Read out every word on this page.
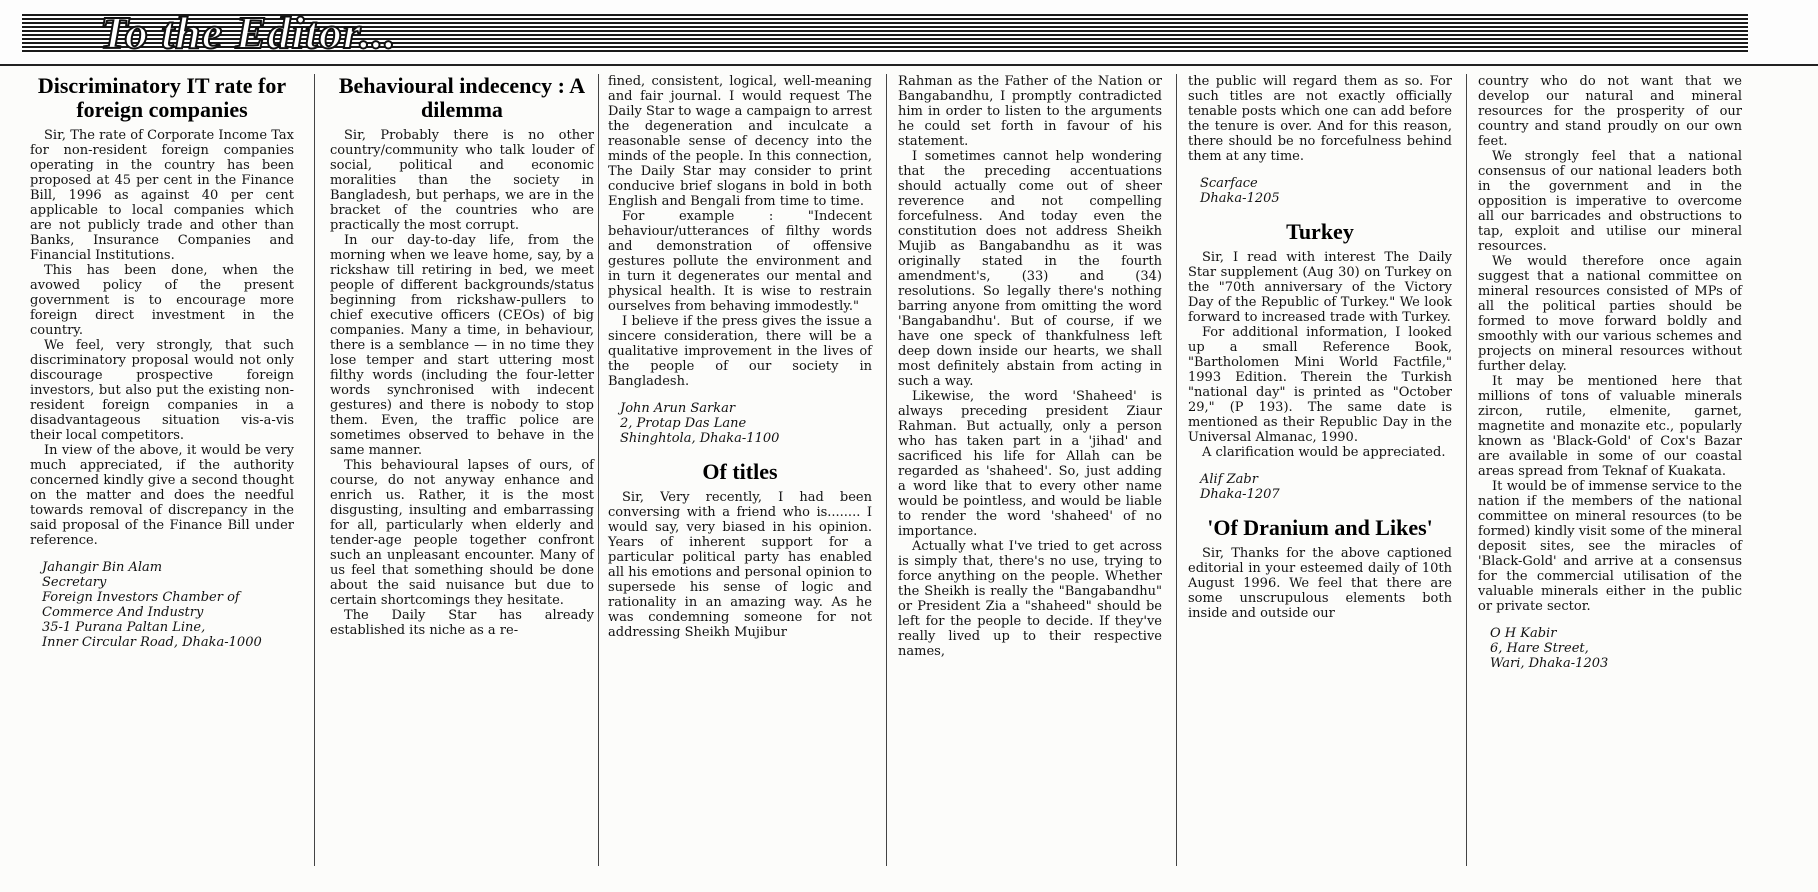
To the Editor...
Discriminatory IT rate for foreign companies

Sir, The rate of Corporate Income Tax for non-resident foreign companies operating in the country has been proposed at 45 per cent in the Finance Bill, 1996 as against 40 per cent applicable to local companies which are not publicly trade and other than Banks, Insurance Companies and Financial Institutions.

This has been done, when the avowed policy of the present government is to encourage more foreign direct investment in the country.

We feel, very strongly, that such discriminatory proposal would not only discourage prospective foreign investors, but also put the existing non-resident foreign companies in a disadvantageous situation vis-a-vis their local competitors.

In view of the above, it would be very much appreciated, if the authority concerned kindly give a second thought on the matter and does the needful towards removal of discrepancy in the said proposal of the Finance Bill under reference.

Jahangir Bin Alam
Secretary
Foreign Investors Chamber of Commerce And Industry
35-1 Purana Paltan Line,
Inner Circular Road, Dhaka-1000
Behavioural indecency : A dilemma

Sir, Probably there is no other country/community who talk louder of social, political and economic moralities than the society in Bangladesh, but perhaps, we are in the bracket of the countries who are practically the most corrupt.

In our day-to-day life, from the morning when we leave home, say, by a rickshaw till retiring in bed, we meet people of different backgrounds/status beginning from rickshaw-pullers to chief executive officers (CEOs) of big companies. Many a time, in behaviour, there is a semblance — in no time they lose temper and start uttering most filthy words (including the four-letter words synchronised with indecent gestures) and there is nobody to stop them. Even, the traffic police are sometimes observed to behave in the same manner.

This behavioural lapses of ours, of course, do not anyway enhance and enrich us. Rather, it is the most disgusting, insulting and embarrassing for all, particularly when elderly and tender-age people together confront such an unpleasant encounter. Many of us feel that something should be done about the said nuisance but due to certain shortcomings they hesitate.

The Daily Star has already established its niche as a re-

fined, consistent, logical, well-meaning and fair journal. I would request The Daily Star to wage a campaign to arrest the degeneration and inculcate a reasonable sense of decency into the minds of the people. In this connection, The Daily Star may consider to print conducive brief slogans in bold in both English and Bengali from time to time.

For example : "Indecent behaviour/utterances of filthy words and demonstration of offensive gestures pollute the environment and in turn it degenerates our mental and physical health. It is wise to restrain ourselves from behaving immodestly."

I believe if the press gives the issue a sincere consideration, there will be a qualitative improvement in the lives of the people of our society in Bangladesh.

John Arun Sarkar
2, Protap Das Lane
Shinghtola, Dhaka-1100
Of titles

Sir, Very recently, I had been conversing with a friend who is........ I would say, very biased in his opinion. Years of inherent support for a particular political party has enabled all his emotions and personal opinion to supersede his sense of logic and rationality in an amazing way. As he was condemning someone for not addressing Sheikh Mujibur

Rahman as the Father of the Nation or Bangabandhu, I promptly contradicted him in order to listen to the arguments he could set forth in favour of his statement.

I sometimes cannot help wondering that the preceding accentuations should actually come out of sheer reverence and not compelling forcefulness. And today even the constitution does not address Sheikh Mujib as Bangabandhu as it was originally stated in the fourth amendment's, (33) and (34) resolutions. So legally there's nothing barring anyone from omitting the word 'Bangabandhu'. But of course, if we have one speck of thankfulness left deep down inside our hearts, we shall most definitely abstain from acting in such a way.

Likewise, the word 'Shaheed' is always preceding president Ziaur Rahman. But actually, only a person who has taken part in a 'jihad' and sacrificed his life for Allah can be regarded as 'shaheed'. So, just adding a word like that to every other name would be pointless, and would be liable to render the word 'shaheed' of no importance.

Actually what I've tried to get across is simply that, there's no use, trying to force anything on the people. Whether the Sheikh is really the "Bangabandhu" or President Zia a "shaheed" should be left for the people to decide. If they've really lived up to their respective names,

the public will regard them as so. For such titles are not exactly officially tenable posts which one can add before the tenure is over. And for this reason, there should be no forcefulness behind them at any time.

Scarface
Dhaka-1205
Turkey

Sir, I read with interest The Daily Star supplement (Aug 30) on Turkey on the "70th anniversary of the Victory Day of the Republic of Turkey." We look forward to increased trade with Turkey.

For additional information, I looked up a small Reference Book, "Bartholomen Mini World Factfile," 1993 Edition. Therein the Turkish "national day" is printed as "October 29," (P 193). The same date is mentioned as their Republic Day in the Universal Almanac, 1990.

A clarification would be appreciated.

Alif Zabr
Dhaka-1207
'Of Dranium and Likes'

Sir, Thanks for the above captioned editorial in your esteemed daily of 10th August 1996. We feel that there are some unscrupulous elements both inside and outside our

country who do not want that we develop our natural and mineral resources for the prosperity of our country and stand proudly on our own feet.

We strongly feel that a national consensus of our national leaders both in the government and in the opposition is imperative to overcome all our barricades and obstructions to tap, exploit and utilise our mineral resources.

We would therefore once again suggest that a national committee on mineral resources consisted of MPs of all the political parties should be formed to move forward boldly and smoothly with our various schemes and projects on mineral resources without further delay.

It may be mentioned here that millions of tons of valuable minerals zircon, rutile, elmenite, garnet, magnetite and monazite etc., popularly known as 'Black-Gold' of Cox's Bazar are available in some of our coastal areas spread from Teknaf of Kuakata.

It would be of immense service to the nation if the members of the national committee on mineral resources (to be formed) kindly visit some of the mineral deposit sites, see the miracles of 'Black-Gold' and arrive at a consensus for the commercial utilisation of the valuable minerals either in the public or private sector.

O H Kabir
6, Hare Street,
Wari, Dhaka-1203
